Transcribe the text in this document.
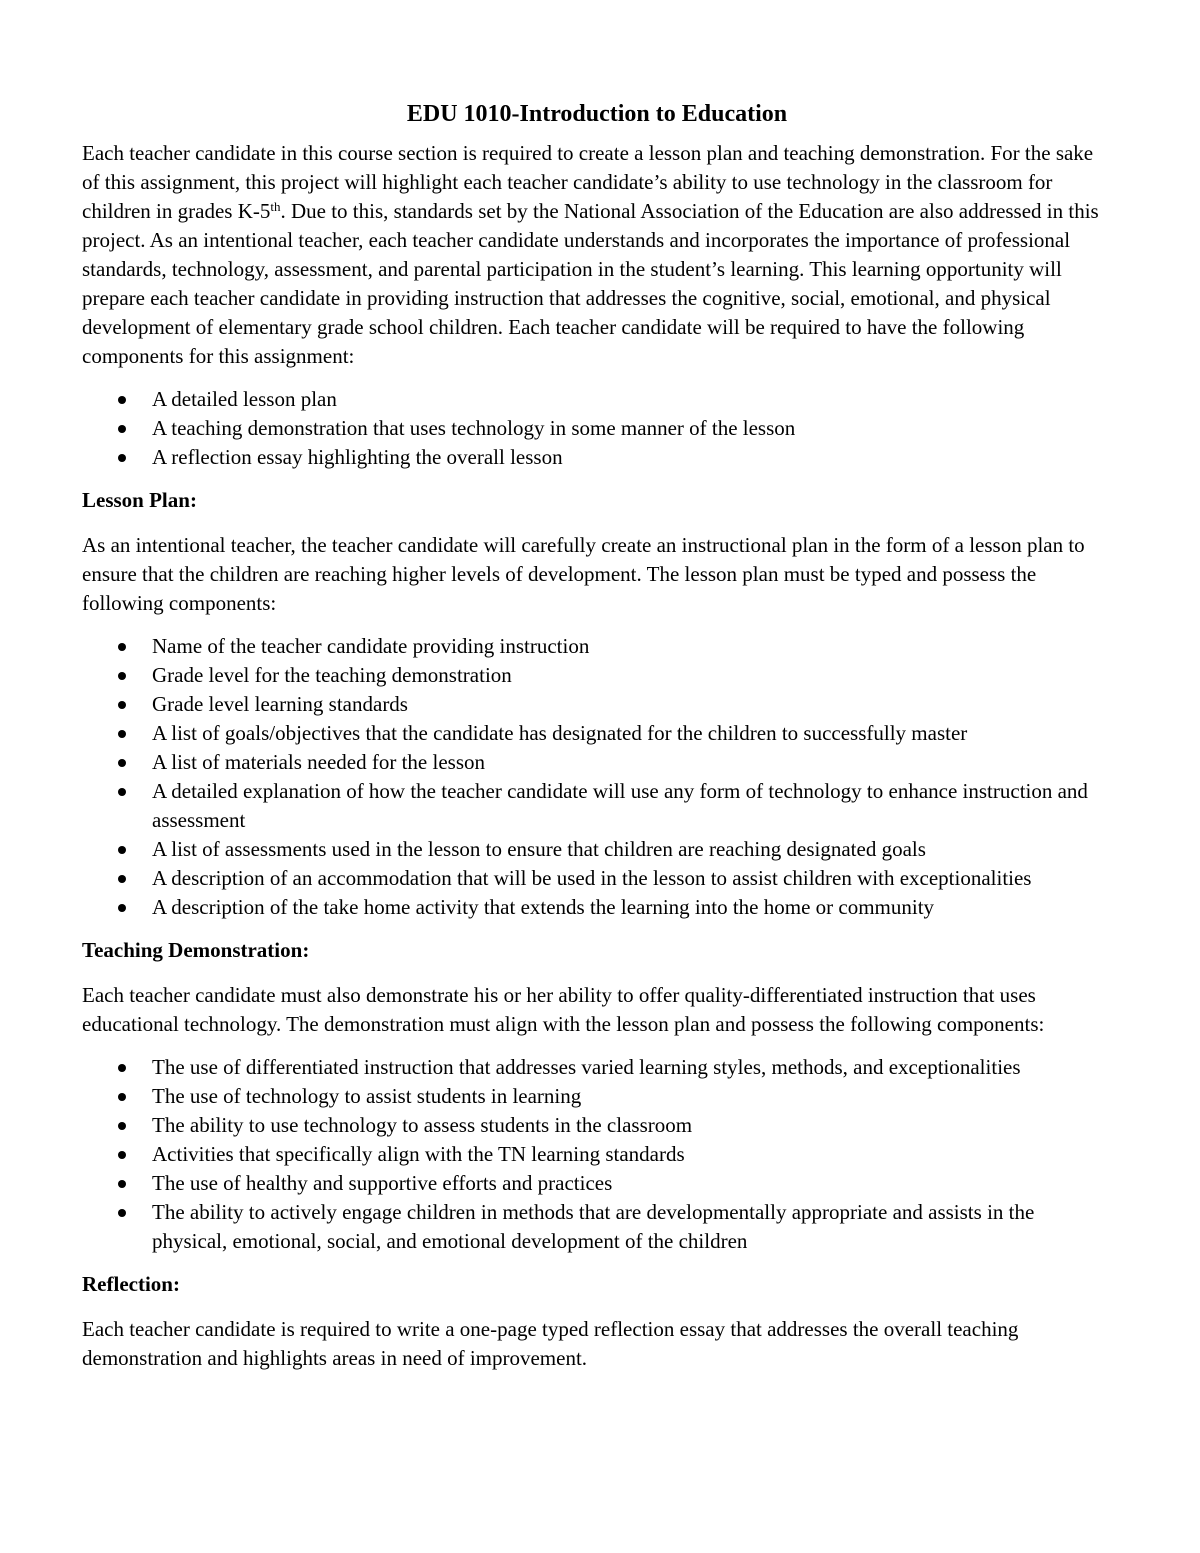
EDU 1010-Introduction to Education

Each teacher candidate in this course section is required to create a lesson plan and teaching demonstration. For the sake of this assignment, this project will highlight each teacher candidate’s ability to use technology in the classroom for children in grades K-5th. Due to this, standards set by the National Association of the Education are also addressed in this project. As an intentional teacher, each teacher candidate understands and incorporates the importance of professional standards, technology, assessment, and parental participation in the student’s learning. This learning opportunity will prepare each teacher candidate in providing instruction that addresses the cognitive, social, emotional, and physical development of elementary grade school children. Each teacher candidate will be required to have the following components for this assignment:

A detailed lesson plan
A teaching demonstration that uses technology in some manner of the lesson
A reflection essay highlighting the overall lesson
Lesson Plan:

As an intentional teacher, the teacher candidate will carefully create an instructional plan in the form of a lesson plan to ensure that the children are reaching higher levels of development. The lesson plan must be typed and possess the following components:

Name of the teacher candidate providing instruction
Grade level for the teaching demonstration
Grade level learning standards
A list of goals/objectives that the candidate has designated for the children to successfully master
A list of materials needed for the lesson
A detailed explanation of how the teacher candidate will use any form of technology to enhance instruction and assessment
A list of assessments used in the lesson to ensure that children are reaching designated goals
A description of an accommodation that will be used in the lesson to assist children with exceptionalities
A description of the take home activity that extends the learning into the home or community
Teaching Demonstration:

Each teacher candidate must also demonstrate his or her ability to offer quality-differentiated instruction that uses educational technology. The demonstration must align with the lesson plan and possess the following components:

The use of differentiated instruction that addresses varied learning styles, methods, and exceptionalities
The use of technology to assist students in learning
The ability to use technology to assess students in the classroom
Activities that specifically align with the TN learning standards
The use of healthy and supportive efforts and practices
The ability to actively engage children in methods that are developmentally appropriate and assists in the physical, emotional, social, and emotional development of the children
Reflection:

Each teacher candidate is required to write a one-page typed reflection essay that addresses the overall teaching demonstration and highlights areas in need of improvement.
